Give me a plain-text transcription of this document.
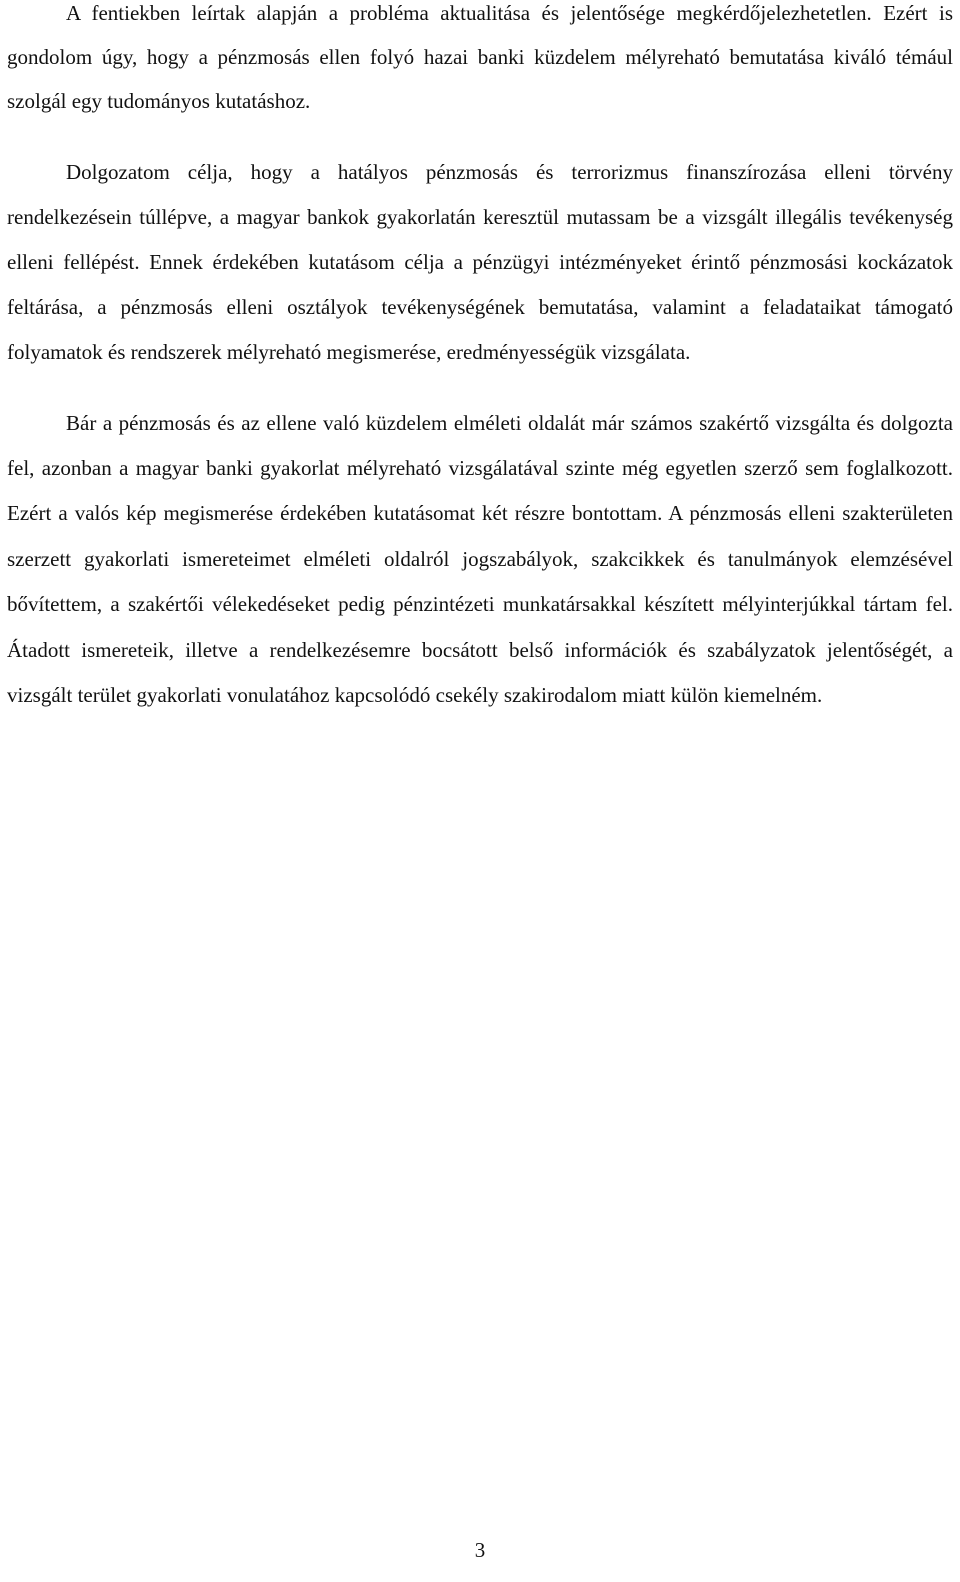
A fentiekben leírtak alapján a probléma aktualitása és jelentősége megkérdőjelezhetetlen. Ezért is gondolom úgy, hogy a pénzmosás ellen folyó hazai banki küzdelem mélyreható bemutatása kiváló témául szolgál egy tudományos kutatáshoz.

Dolgozatom célja, hogy a hatályos pénzmosás és terrorizmus finanszírozása elleni törvény rendelkezésein túllépve, a magyar bankok gyakorlatán keresztül mutassam be a vizsgált illegális tevékenység elleni fellépést. Ennek érdekében kutatásom célja a pénzügyi intézményeket érintő pénzmosási kockázatok feltárása, a pénzmosás elleni osztályok tevékenységének bemutatása, valamint a feladataikat támogató folyamatok és rendszerek mélyreható megismerése, eredményességük vizsgálata.

Bár a pénzmosás és az ellene való küzdelem elméleti oldalát már számos szakértő vizsgálta és dolgozta fel, azonban a magyar banki gyakorlat mélyreható vizsgálatával szinte még egyetlen szerző sem foglalkozott. Ezért a valós kép megismerése érdekében kutatásomat két részre bontottam. A pénzmosás elleni szakterületen szerzett gyakorlati ismereteimet elméleti oldalról jogszabályok, szakcikkek és tanulmányok elemzésével bővítettem, a szakértői vélekedéseket pedig pénzintézeti munkatársakkal készített mélyinterjúkkal tártam fel. Átadott ismereteik, illetve a rendelkezésemre bocsátott belső információk és szabályzatok jelentőségét, a vizsgált terület gyakorlati vonulatához kapcsolódó csekély szakirodalom miatt külön kiemelném.

3
